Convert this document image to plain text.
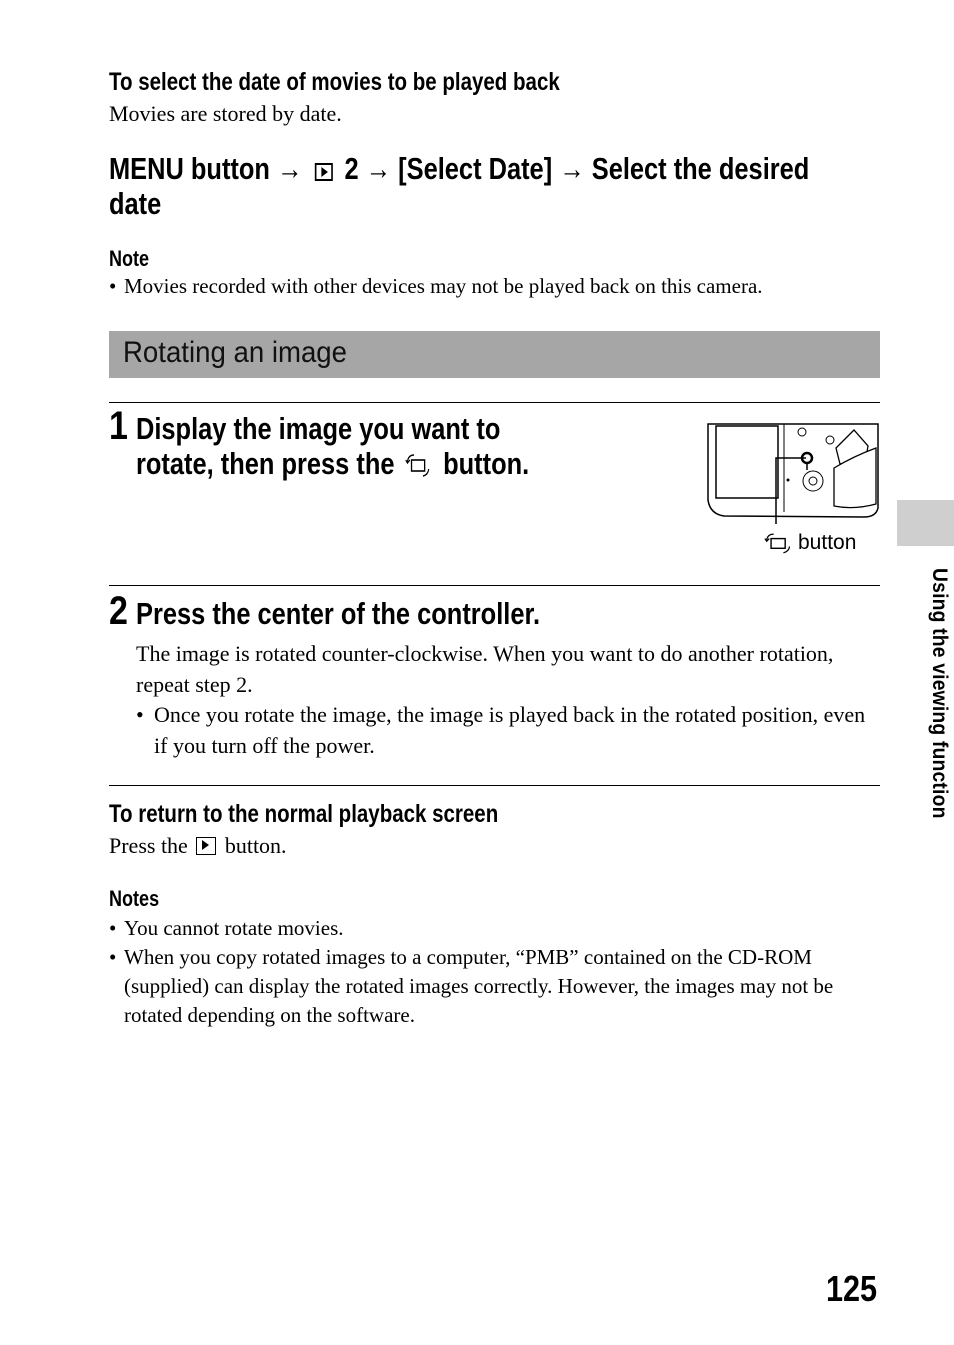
To select the date of movies to be played back
Movies are stored by date.
MENU button → 2 → [Select Date] → Select the desired
date
Note
• Movies recorded with other devices may not be played back on this camera.
Rotating an image
1 Display the image you want to
rotate, then press the button.
button
2 Press the center of the controller.
The image is rotated counter-clockwise. When you want to do another rotation, repeat step 2.
• Once you rotate the image, the image is played back in the rotated position, even if you turn off the power.
To return to the normal playback screen
Press the button.
Notes
• You cannot rotate movies.
• When you copy rotated images to a computer, “PMB” contained on the CD-ROM (supplied) can display the rotated images correctly. However, the images may not be rotated depending on the software.
Using the viewing function
125
